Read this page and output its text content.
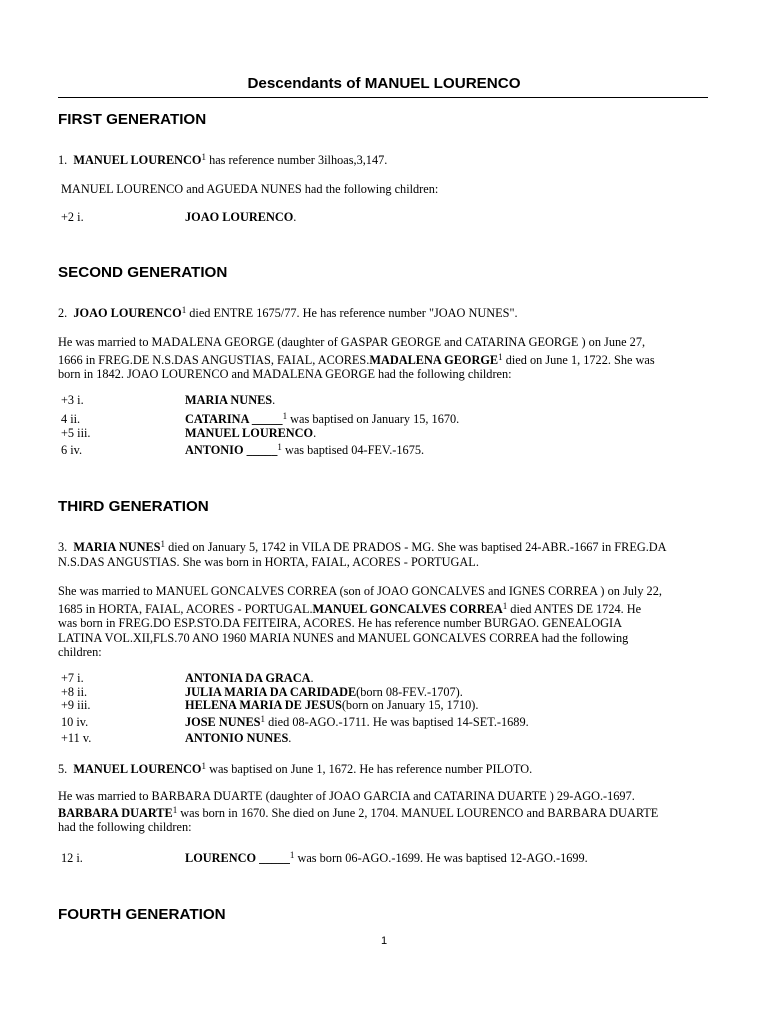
Descendants of MANUEL LOURENCO
FIRST GENERATION
1. MANUEL LOURENCO$^1$ has reference number 3ilhoas,3,147.
MANUEL LOURENCO and AGUEDA NUNES had the following children:
+2 i.	JOAO LOURENCO.
SECOND GENERATION
2. JOAO LOURENCO$^1$ died ENTRE 1675/77. He has reference number "JOAO NUNES".
He was married to MADALENA GEORGE (daughter of GASPAR GEORGE and CATARINA GEORGE ) on June 27,
1666 in FREG.DE N.S.DAS ANGUSTIAS, FAIAL, ACORES.MADALENA GEORGE$^1$ died on June 1, 1722. She was
born in 1842. JOAO LOURENCO and MADALENA GEORGE had the following children:
+3 i.	MARIA NUNES.
4 ii.	CATARINA _____$^1$ was baptised on January 15, 1670.
+5 iii.	MANUEL LOURENCO.
6 iv.	ANTONIO _____$^1$ was baptised 04-FEV.-1675.
THIRD GENERATION
3. MARIA NUNES$^1$ died on January 5, 1742 in VILA DE PRADOS - MG. She was baptised 24-ABR.-1667 in FREG.DA
N.S.DAS ANGUSTIAS. She was born in HORTA, FAIAL, ACORES - PORTUGAL.
She was married to MANUEL GONCALVES CORREA (son of JOAO GONCALVES and IGNES CORREA ) on July 22,
1685 in HORTA, FAIAL, ACORES - PORTUGAL.MANUEL GONCALVES CORREA$^1$ died ANTES DE 1724. He
was born in FREG.DO ESP.STO.DA FEITEIRA, ACORES. He has reference number BURGAO. GENEALOGIA
LATINA VOL.XII,FLS.70 ANO 1960 MARIA NUNES and MANUEL GONCALVES CORREA had the following
children:
+7 i.	ANTONIA DA GRACA.
+8 ii.	JULIA MARIA DA CARIDADE(born 08-FEV.-1707).
+9 iii.	HELENA MARIA DE JESUS(born on January 15, 1710).
10 iv.	JOSE NUNES$^1$ died 08-AGO.-1711. He was baptised 14-SET.-1689.
+11 v.	ANTONIO NUNES.
5. MANUEL LOURENCO$^1$ was baptised on June 1, 1672. He has reference number PILOTO.
He was married to BARBARA DUARTE (daughter of JOAO GARCIA and CATARINA DUARTE ) 29-AGO.-1697.
BARBARA DUARTE$^1$ was born in 1670. She died on June 2, 1704. MANUEL LOURENCO and BARBARA DUARTE
had the following children:
12 i.	LOURENCO _____$^1$ was born 06-AGO.-1699. He was baptised 12-AGO.-1699.
FOURTH GENERATION
1
